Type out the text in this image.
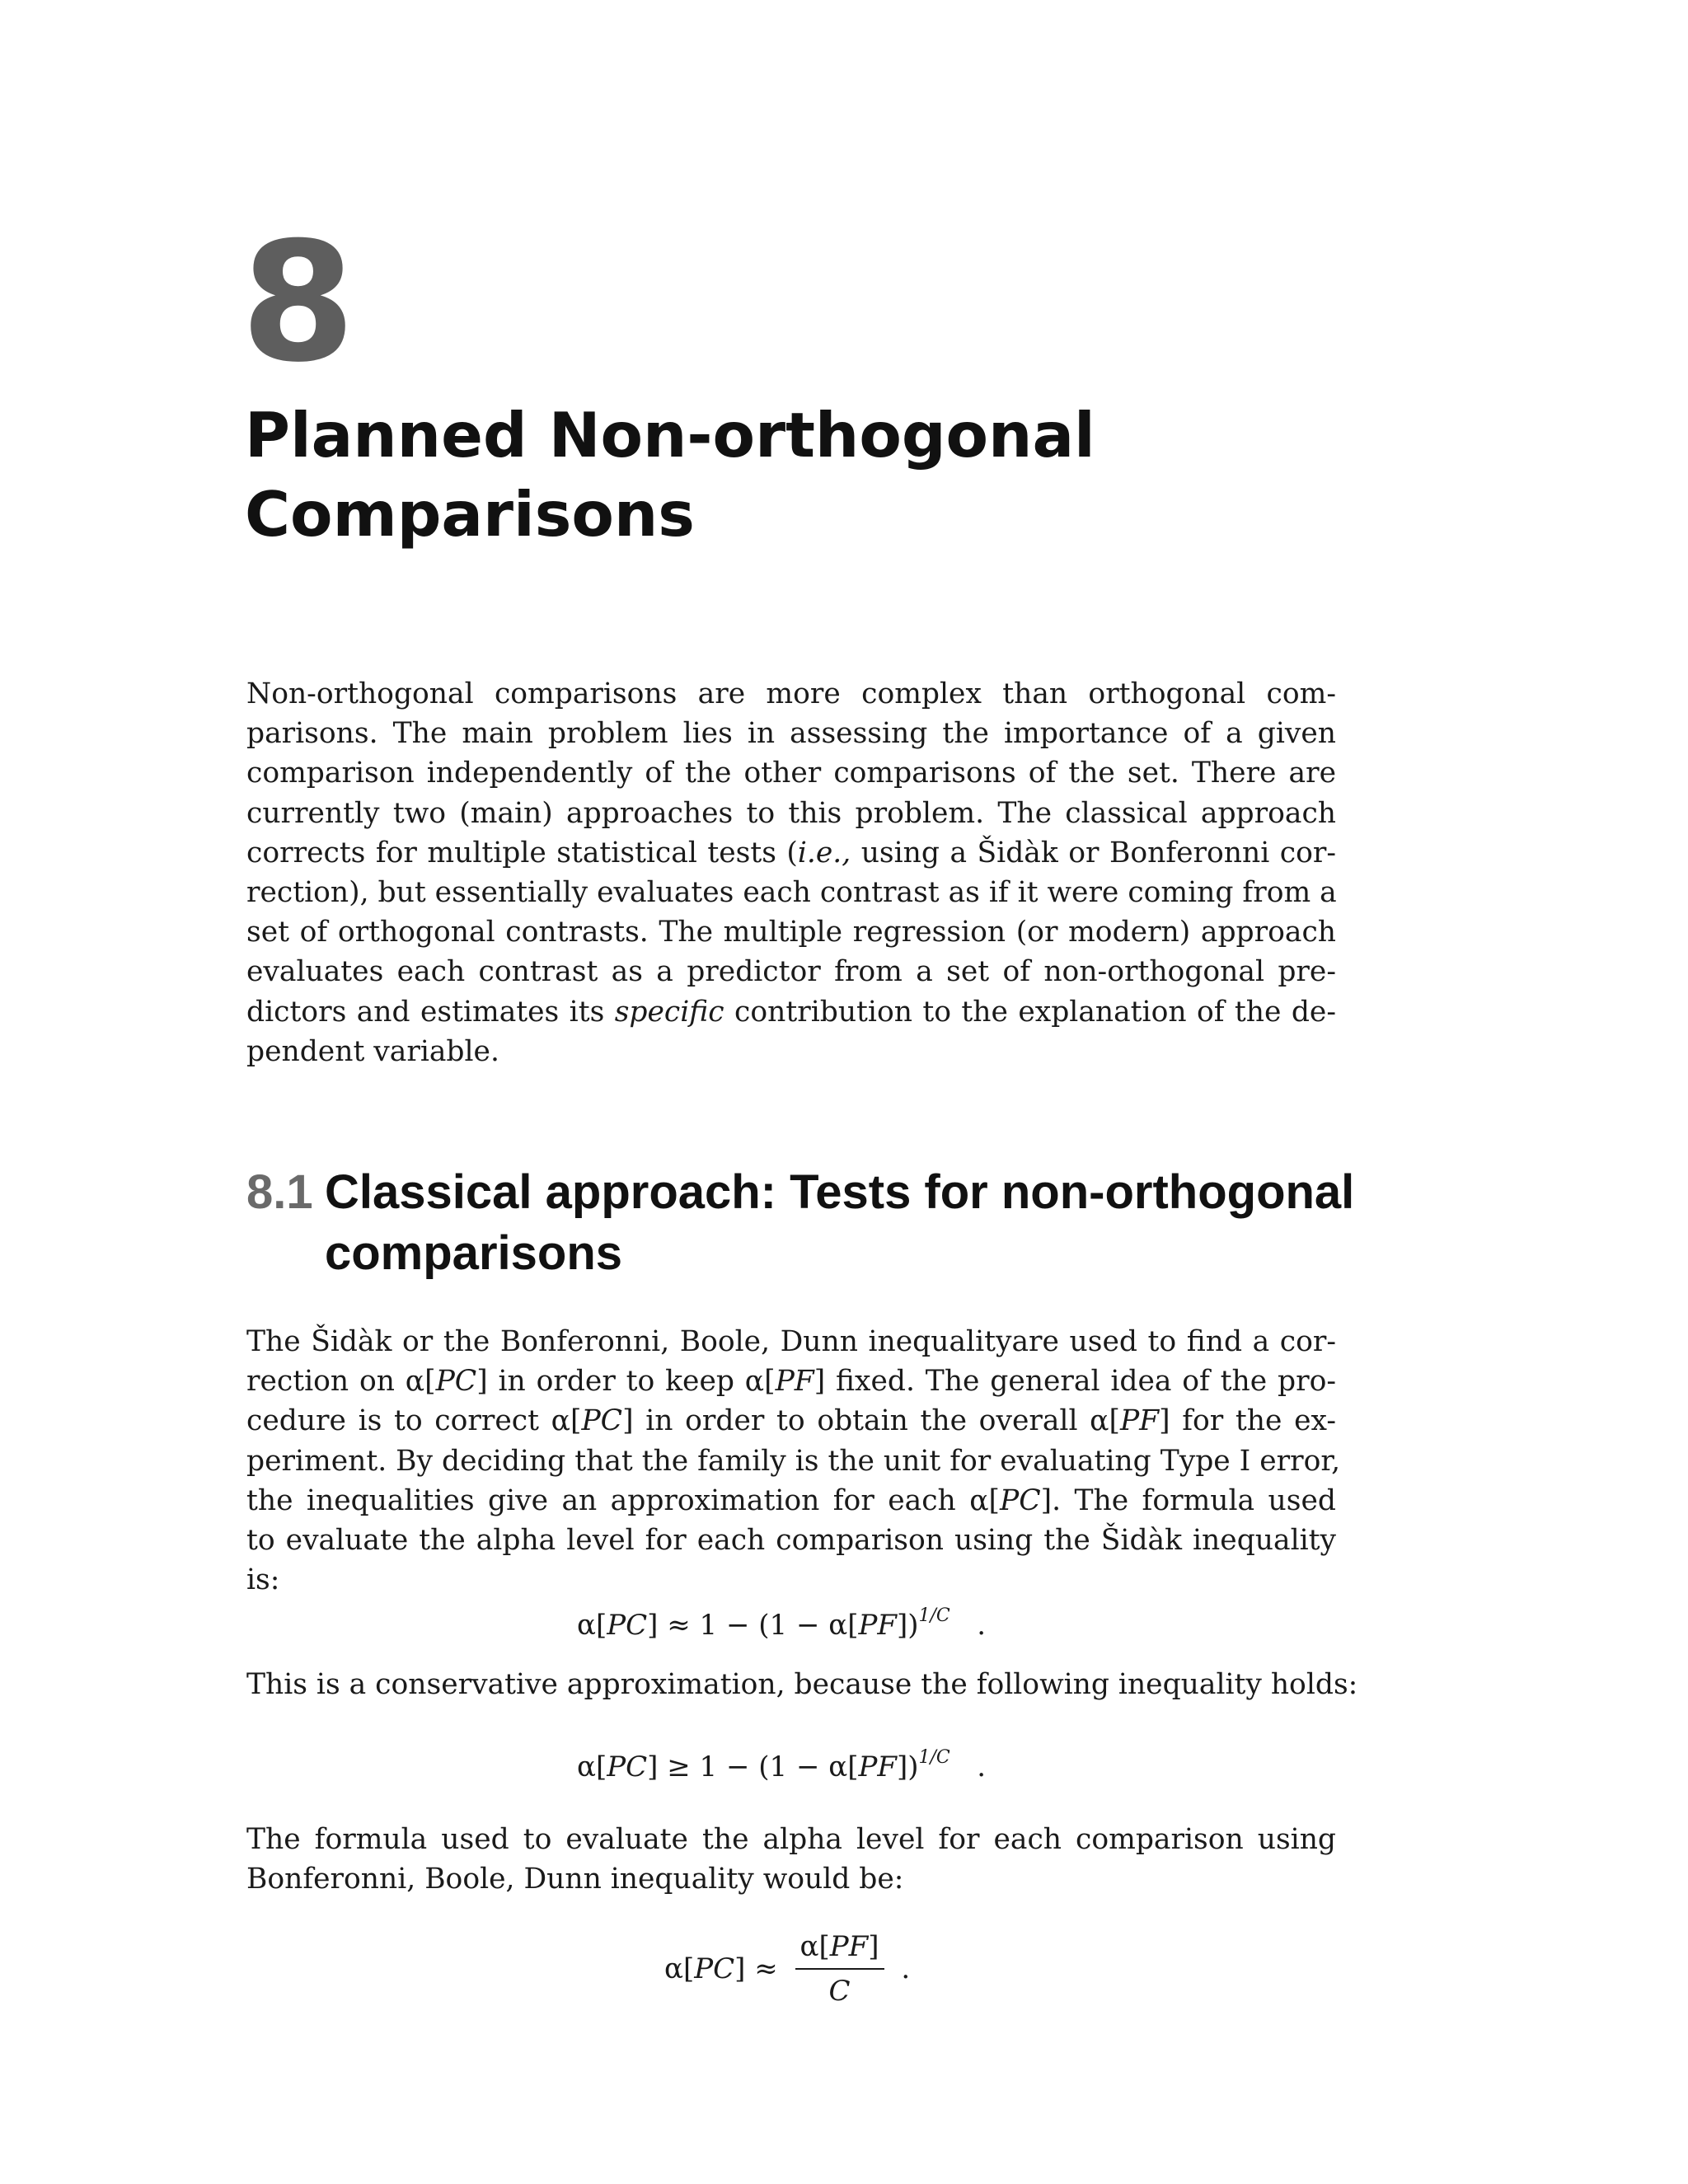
8
Planned Non-orthogonal
Comparisons

Non-orthogonal comparisons are more complex than orthogonal com-
parisons. The main problem lies in assessing the importance of a given
comparison independently of the other comparisons of the set. There are
currently two (main) approaches to this problem. The classical approach
corrects for multiple statistical tests (i.e., using a Šidàk or Bonferonni cor-
rection), but essentially evaluates each contrast as if it were coming from a
set of orthogonal contrasts. The multiple regression (or modern) approach
evaluates each contrast as a predictor from a set of non-orthogonal pre-
dictors and estimates its specific contribution to the explanation of the de-
pendent variable.

8.1 Classical approach: Tests for non-orthogonal
comparisons

The Šidàk or the Bonferonni, Boole, Dunn inequalityare used to find a cor-
rection on α[PC] in order to keep α[PF] fixed. The general idea of the pro-
cedure is to correct α[PC] in order to obtain the overall α[PF] for the ex-
periment. By deciding that the family is the unit for evaluating Type I error,
the inequalities give an approximation for each α[PC]. The formula used
to evaluate the alpha level for each comparison using the Šidàk inequality
is:

$\alpha[PC] \approx 1 - (1 - \alpha[PF])^{1/C}$ .

This is a conservative approximation, because the following inequality holds:

$\alpha[PC] \ge 1 - (1 - \alpha[PF])^{1/C}$ .

The formula used to evaluate the alpha level for each comparison using
Bonferonni, Boole, Dunn inequality would be:

$\alpha[PC] \approx \frac{\alpha[PF]}{C}$ .
